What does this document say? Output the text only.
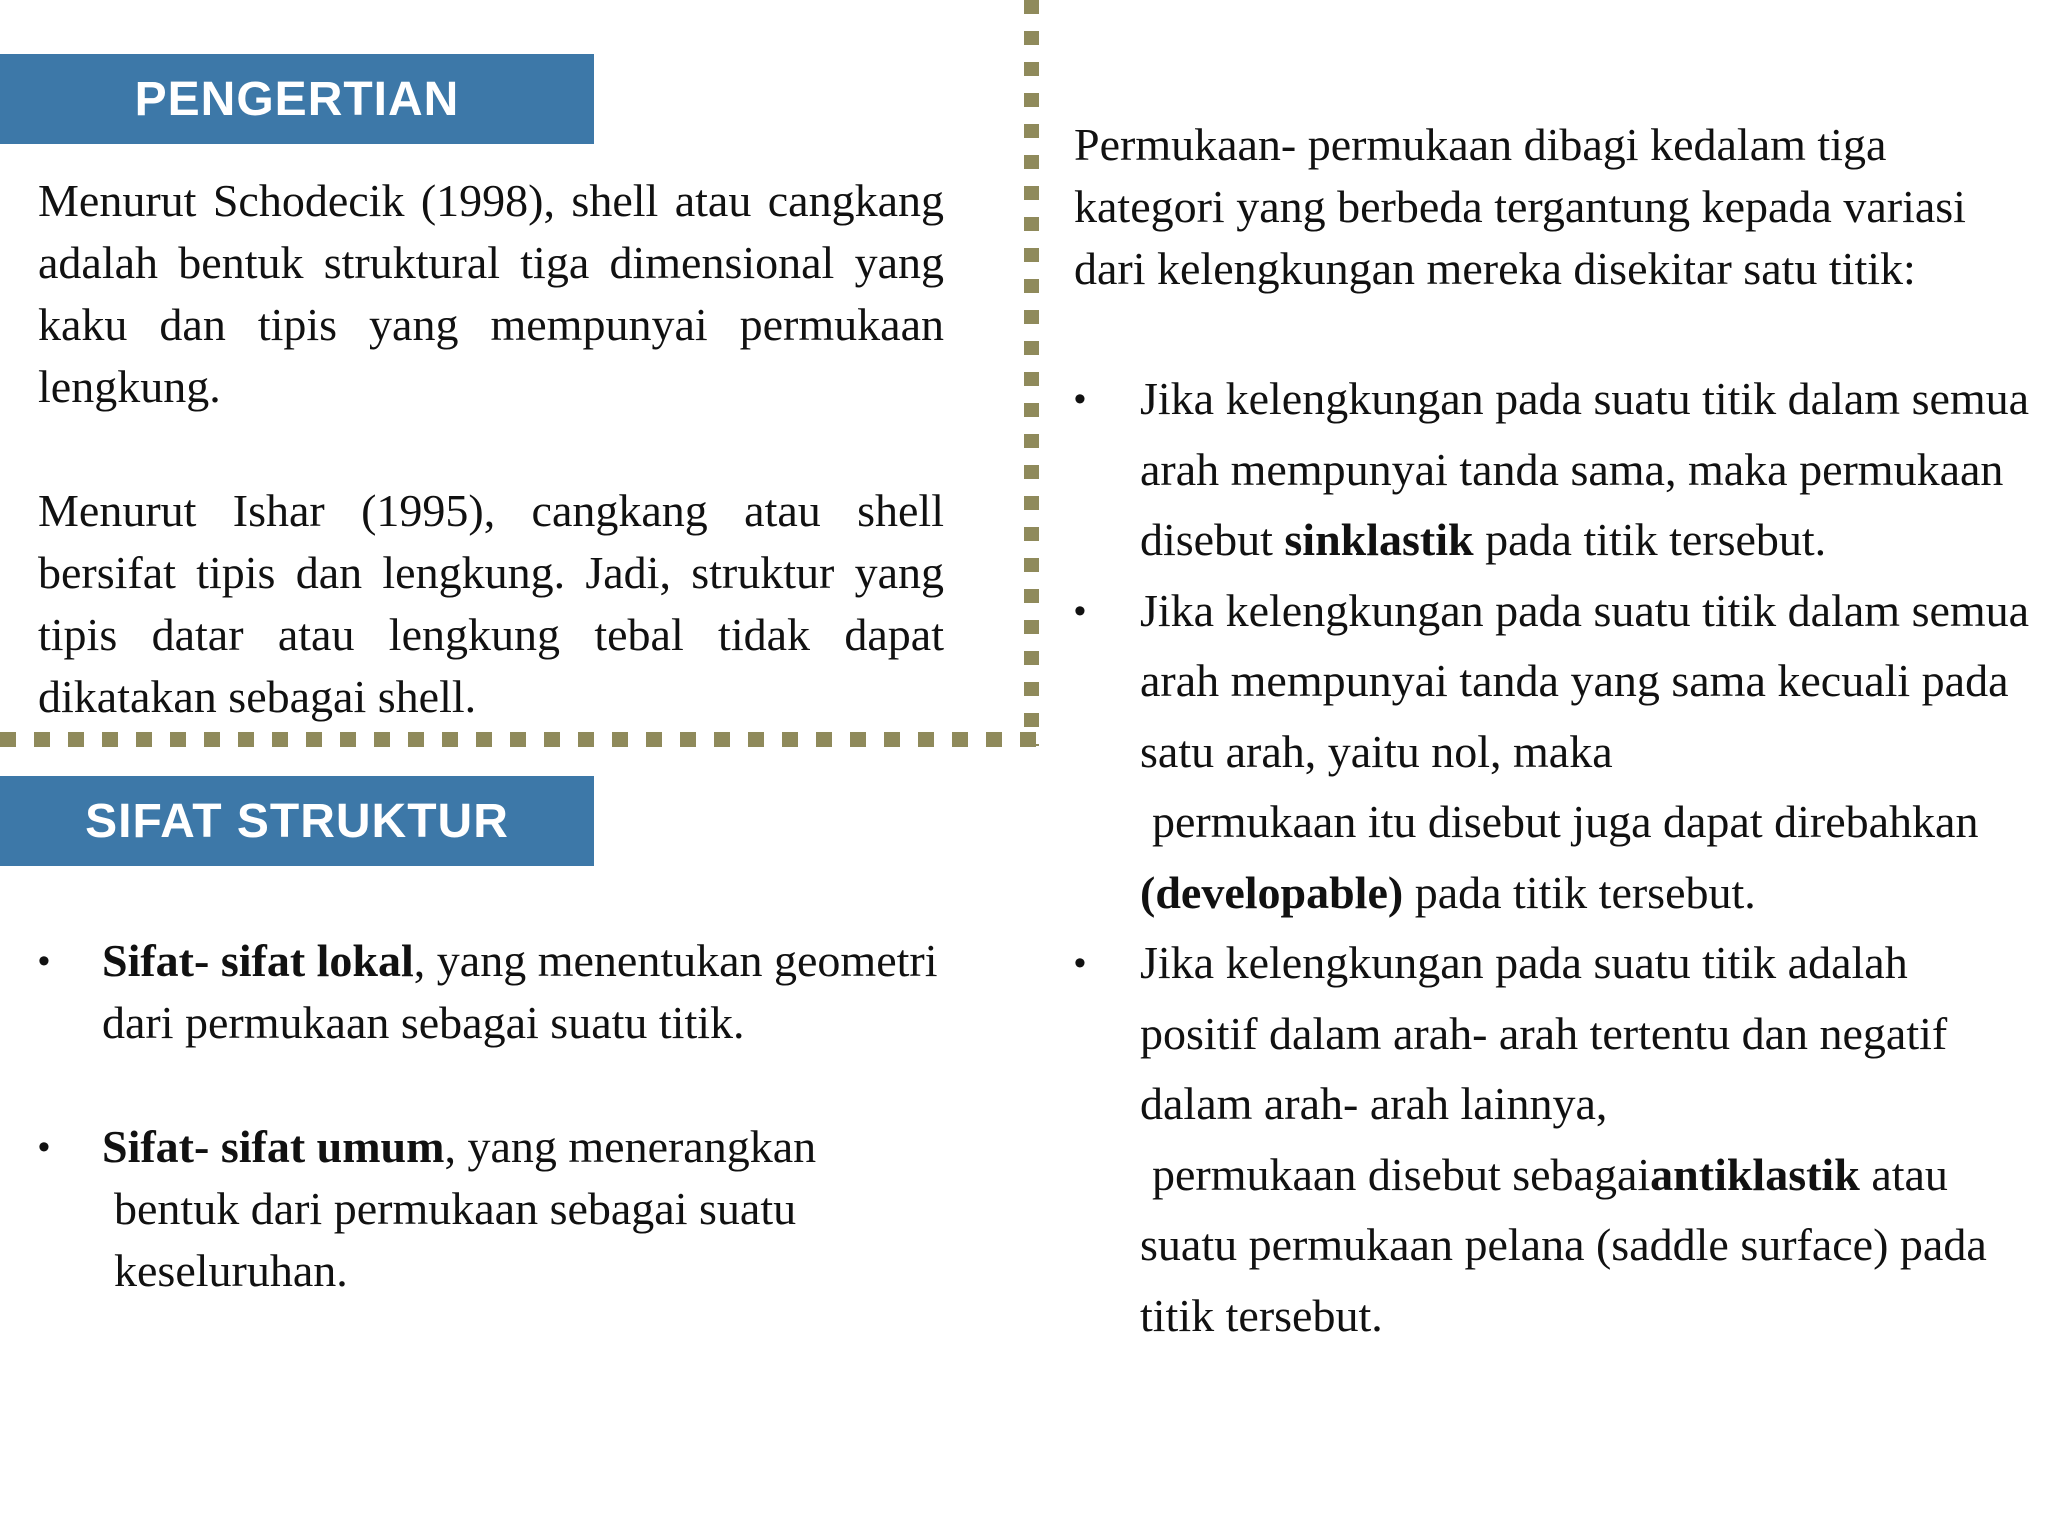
PENGERTIAN

Menurut Schodecik (1998), shell atau cangkang adalah bentuk struktural tiga dimensional yang kaku dan tipis yang mempunyai permukaan lengkung.

Menurut Ishar (1995), cangkang atau shell bersifat tipis dan lengkung. Jadi, struktur yang tipis datar atau lengkung tebal tidak dapat dikatakan sebagai shell.

SIFAT STRUKTUR
• Sifat- sifat lokal, yang menentukan geometri dari permukaan sebagai suatu titik.
• Sifat- sifat umum, yang menerangkan
bentuk dari permukaan sebagai suatu keseluruhan.

Permukaan- permukaan dibagi kedalam tiga kategori yang berbeda tergantung kepada variasi dari kelengkungan mereka disekitar satu titik:

• Jika kelengkungan pada suatu titik dalam semua arah mempunyai tanda sama, maka permukaan disebut sinklastik pada titik tersebut.
• Jika kelengkungan pada suatu titik dalam semua arah mempunyai tanda yang sama kecuali pada satu arah, yaitu nol, maka
permukaan itu disebut juga dapat direbahkan(developable) pada titik tersebut.
• Jika kelengkungan pada suatu titik adalah positif dalam arah- arah tertentu dan negatif dalam arah- arah lainnya,
permukaan disebut sebagaiantiklastik atau suatu permukaan pelana (saddle surface) pada titik tersebut.
